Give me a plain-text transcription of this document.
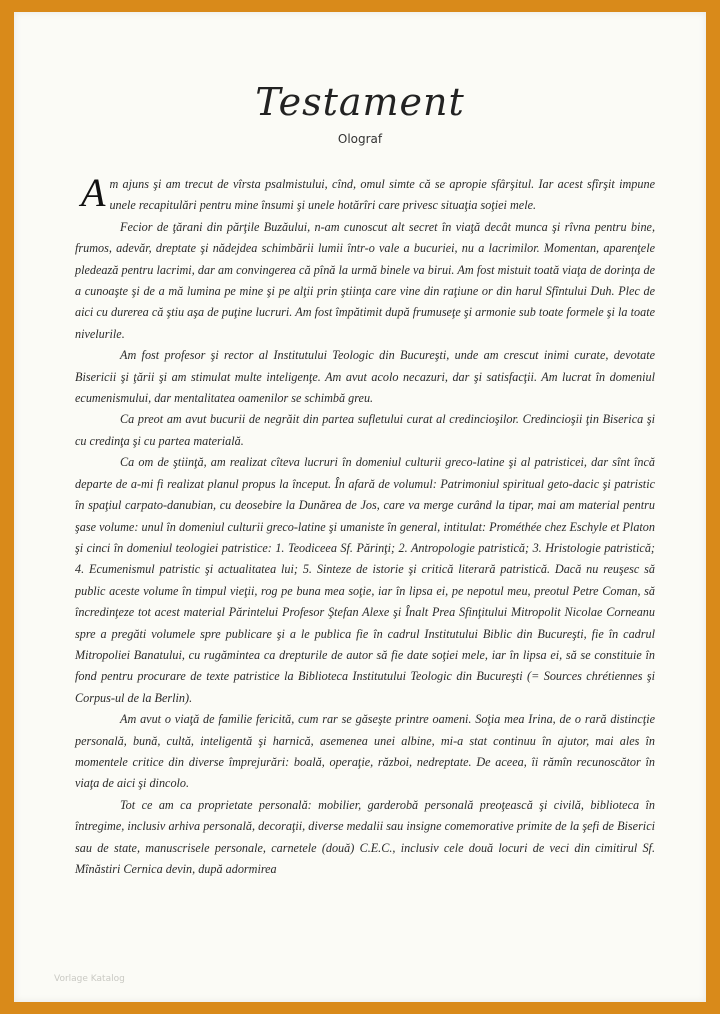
Testament
Olograf

Am ajuns şi am trecut de vîrsta psalmistului, cînd, omul simte că se apropie sfârşitul. Iar acest sfîrşit impune unele recapitulări pentru mine însumi şi unele hotărîri care privesc situaţia soţiei mele.

Fecior de ţărani din părţile Buzăului, n-am cunoscut alt secret în viaţă decât munca şi rîvna pentru bine, frumos, adevăr, dreptate şi nădejdea schimbării lumii într-o vale a bucuriei, nu a lacrimilor. Momentan, aparenţele pledează pentru lacrimi, dar am convingerea că pînă la urmă binele va birui. Am fost mistuit toată viaţa de dorinţa de a cunoaşte şi de a mă lumina pe mine şi pe alţii prin ştiinţa care vine din raţiune or din harul Sfîntului Duh. Plec de aici cu durerea că ştiu aşa de puţine lucruri. Am fost împătimit după frumuseţe şi armonie sub toate formele şi la toate nivelurile.

Am fost profesor şi rector al Institutului Teologic din Bucureşti, unde am crescut inimi curate, devotate Bisericii şi ţării şi am stimulat multe inteligenţe. Am avut acolo necazuri, dar şi satisfacţii. Am lucrat în domeniul ecumenismului, dar mentalitatea oamenilor se schimbă greu.

Ca preot am avut bucurii de negrăit din partea sufletului curat al credincioşilor. Credincioşii ţin Biserica şi cu credinţa şi cu partea materială.

Ca om de ştiinţă, am realizat cîteva lucruri în domeniul culturii greco-latine şi al patristicei, dar sînt încă departe de a-mi fi realizat planul propus la început. În afară de volumul: Patrimoniul spiritual geto-dacic şi patristic în spaţiul carpato-danubian, cu deosebire la Dunărea de Jos, care va merge curând la tipar, mai am material pentru şase volume: unul în domeniul culturii greco-latine şi umaniste în general, intitulat: Prométhée chez Eschyle et Platon şi cinci în domeniul teologiei patristice: 1. Teodiceea Sf. Părinţi; 2. Antropologie patristică; 3. Hristologie patristică; 4. Ecumenismul patristic şi actualitatea lui; 5. Sinteze de istorie şi critică literară patristică. Dacă nu reuşesc să public aceste volume în timpul vieţii, rog pe buna mea soţie, iar în lipsa ei, pe nepotul meu, preotul Petre Coman, să încredinţeze tot acest material Părintelui Profesor Ştefan Alexe şi Înalt Prea Sfinţitului Mitropolit Nicolae Corneanu spre a pregăti volumele spre publicare şi a le publica fie în cadrul Institutului Biblic din Bucureşti, fie în cadrul Mitropoliei Banatului, cu rugămintea ca drepturile de autor să fie date soţiei mele, iar în lipsa ei, să se constituie în fond pentru procurare de texte patristice la Biblioteca Institutului Teologic din Bucureşti (= Sources chrétiennes şi Corpus-ul de la Berlin).

Am avut o viaţă de familie fericită, cum rar se găseşte printre oameni. Soţia mea Irina, de o rară distincţie personală, bună, cultă, inteligentă şi harnică, asemenea unei albine, mi-a stat continuu în ajutor, mai ales în momentele critice din diverse împrejurări: boală, operaţie, război, nedreptate. De aceea, îi rămîn recunoscător în viaţa de aici şi dincolo.

Tot ce am ca proprietate personală: mobilier, garderobă personală preoţească şi civilă, biblioteca în întregime, inclusiv arhiva personală, decoraţii, diverse medalii sau insigne comemorative primite de la şefi de Biserici sau de state, manuscrisele personale, carnetele (două) C.E.C., inclusiv cele două locuri de veci din cimitirul Sf. Mînăstiri Cernica devin, după adormirea

Vorlage Katalog
